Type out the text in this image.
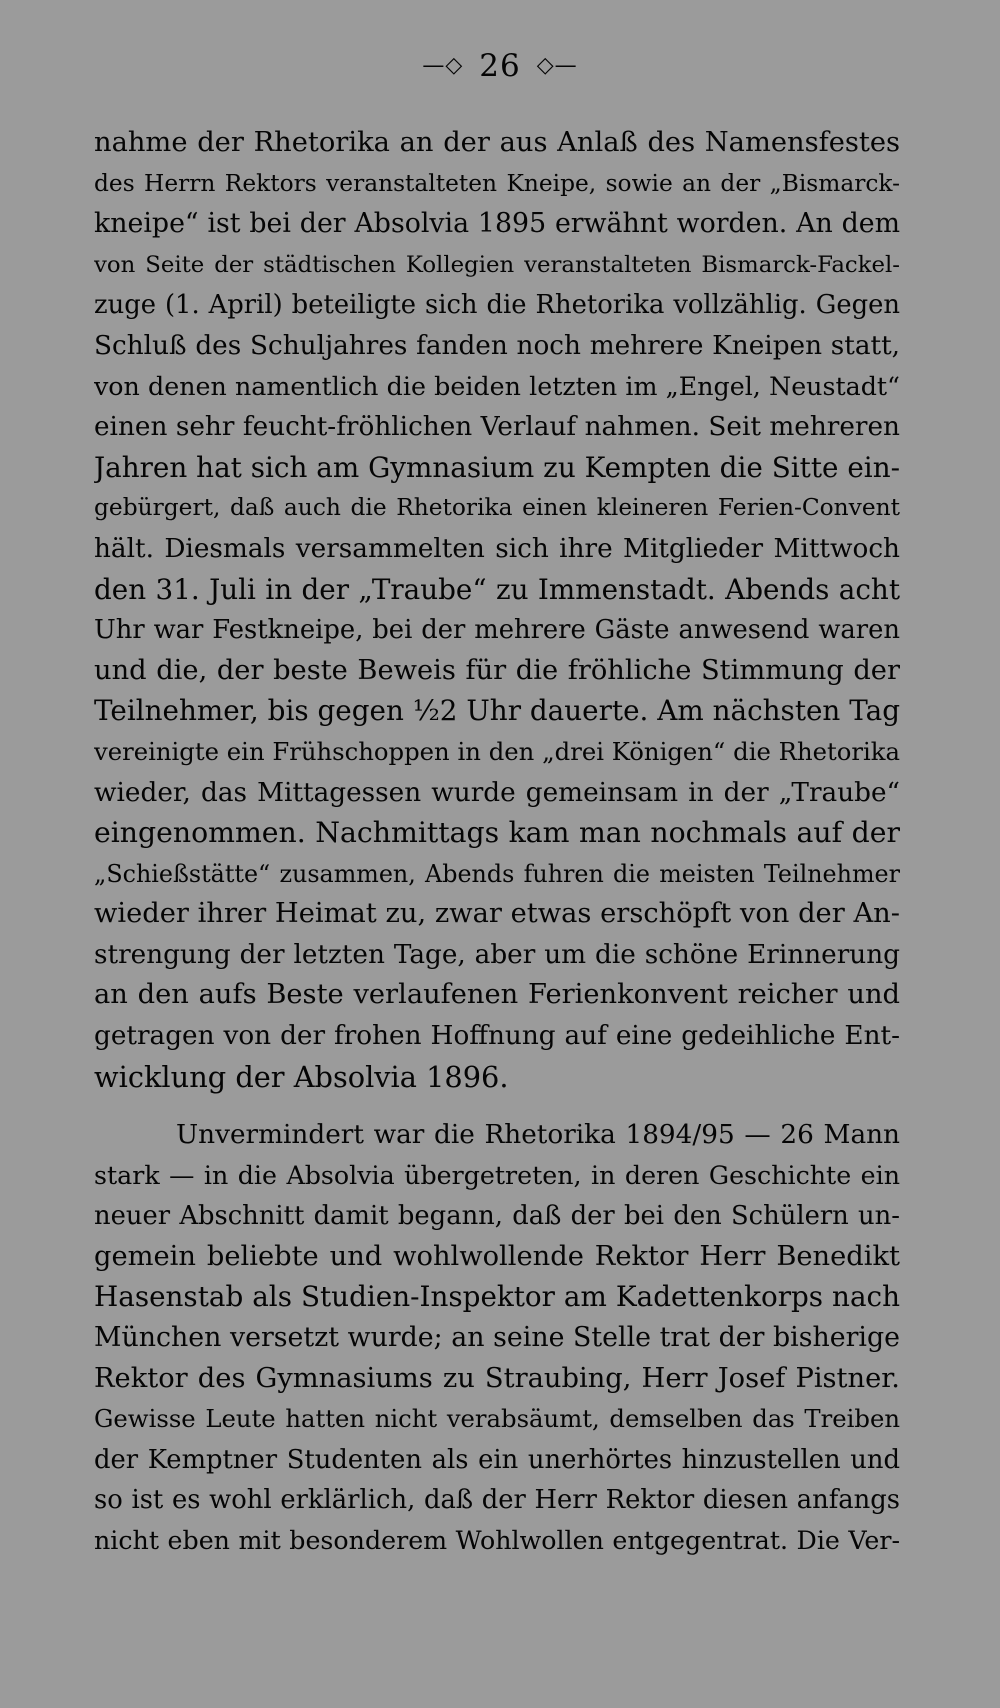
—◇ 26 ◇—
nahme der Rhetorika an der aus Anlaß des Namensfestes
des Herrn Rektors veranstalteten Kneipe, sowie an der „Bismarck-
kneipe“ ist bei der Absolvia 1895 erwähnt worden. An dem
von Seite der städtischen Kollegien veranstalteten Bismarck-Fackel-
zuge (1. April) beteiligte sich die Rhetorika vollzählig. Gegen
Schluß des Schuljahres fanden noch mehrere Kneipen statt,
von denen namentlich die beiden letzten im „Engel, Neustadt“
einen sehr feucht-fröhlichen Verlauf nahmen. Seit mehreren
Jahren hat sich am Gymnasium zu Kempten die Sitte ein-
gebürgert, daß auch die Rhetorika einen kleineren Ferien-Convent
hält. Diesmals versammelten sich ihre Mitglieder Mittwoch
den 31. Juli in der „Traube“ zu Immenstadt. Abends acht
Uhr war Festkneipe, bei der mehrere Gäste anwesend waren
und die, der beste Beweis für die fröhliche Stimmung der
Teilnehmer, bis gegen ½2 Uhr dauerte. Am nächsten Tag
vereinigte ein Frühschoppen in den „drei Königen“ die Rhetorika
wieder, das Mittagessen wurde gemeinsam in der „Traube“
eingenommen. Nachmittags kam man nochmals auf der
„Schießstätte“ zusammen, Abends fuhren die meisten Teilnehmer
wieder ihrer Heimat zu, zwar etwas erschöpft von der An-
strengung der letzten Tage, aber um die schöne Erinnerung
an den aufs Beste verlaufenen Ferienkonvent reicher und
getragen von der frohen Hoffnung auf eine gedeihliche Ent-
wicklung der Absolvia 1896.
Unvermindert war die Rhetorika 1894/95 — 26 Mann
stark — in die Absolvia übergetreten, in deren Geschichte ein
neuer Abschnitt damit begann, daß der bei den Schülern un-
gemein beliebte und wohlwollende Rektor Herr Benedikt
Hasenstab als Studien-Inspektor am Kadettenkorps nach
München versetzt wurde; an seine Stelle trat der bisherige
Rektor des Gymnasiums zu Straubing, Herr Josef Pistner.
Gewisse Leute hatten nicht verabsäumt, demselben das Treiben
der Kemptner Studenten als ein unerhörtes hinzustellen und
so ist es wohl erklärlich, daß der Herr Rektor diesen anfangs
nicht eben mit besonderem Wohlwollen entgegentrat. Die Ver-
